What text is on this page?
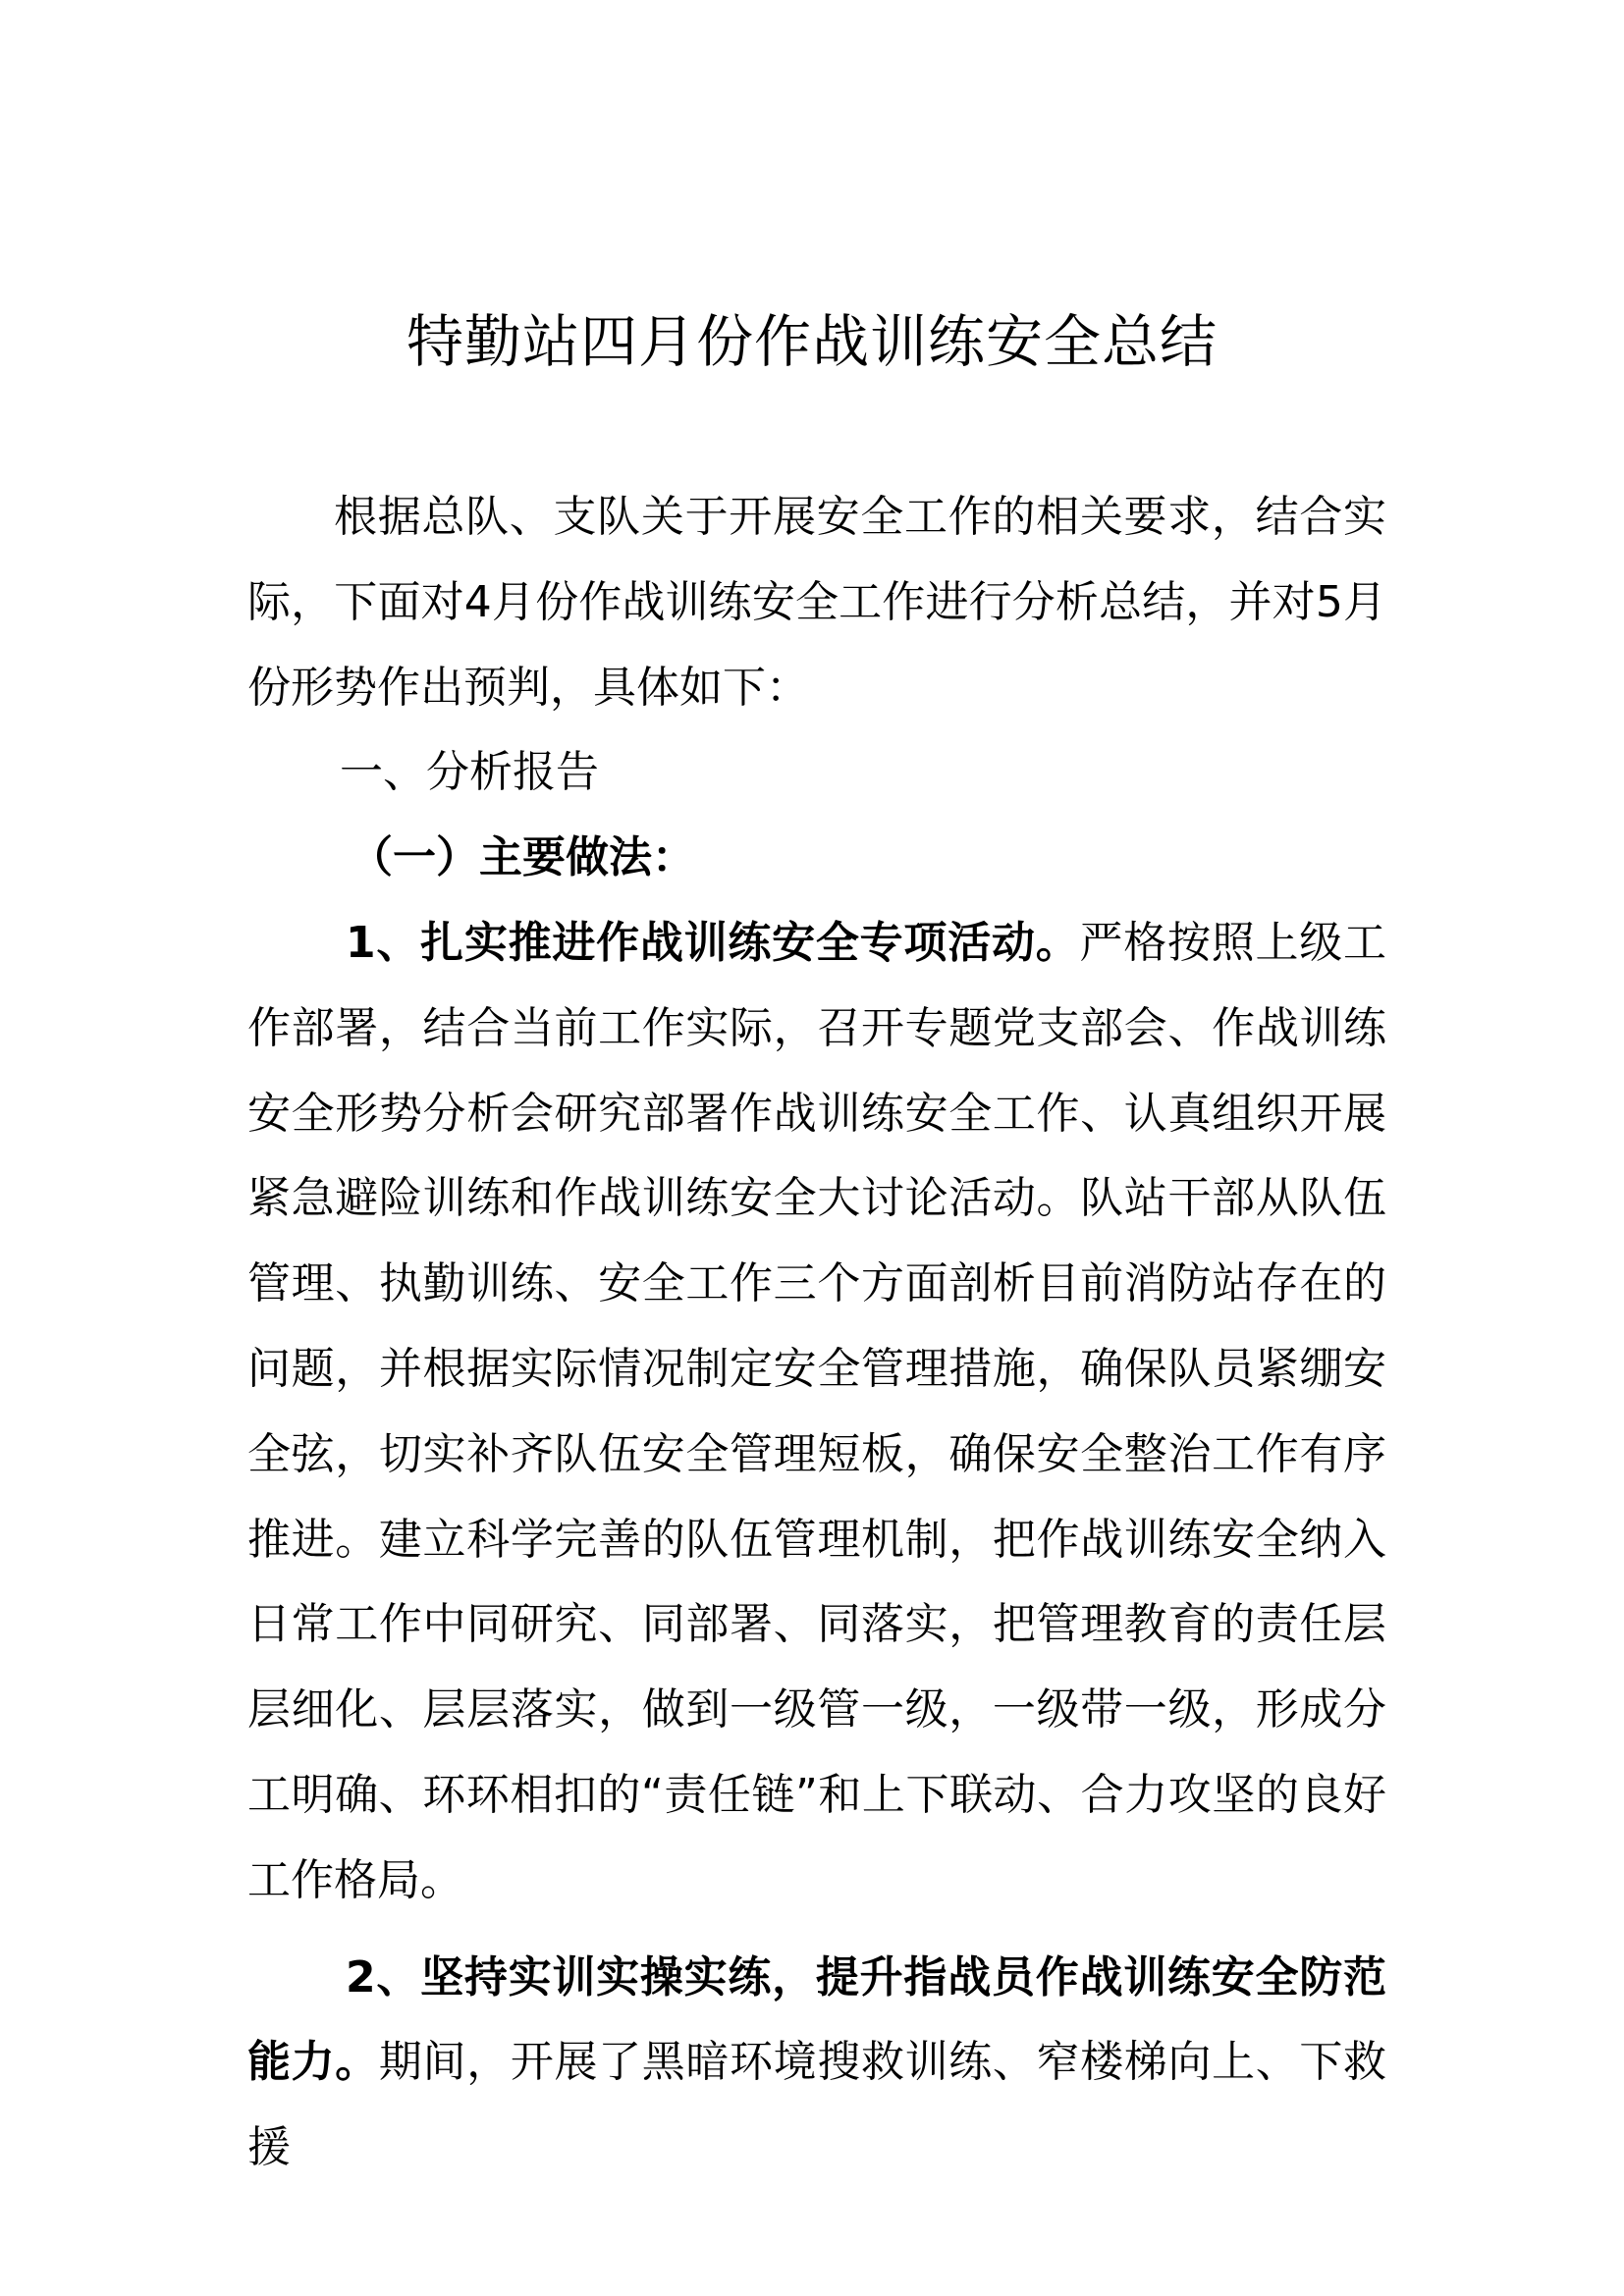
特勤站四月份作战训练安全总结

根据总队、支队关于开展安全工作的相关要求，结合实际，下面对4月份作战训练安全工作进行分析总结，并对5月份形势作出预判，具体如下：

一、分析报告

（一）主要做法：

1、扎实推进作战训练安全专项活动。严格按照上级工作部署，结合当前工作实际，召开专题党支部会、作战训练安全形势分析会研究部署作战训练安全工作、认真组织开展紧急避险训练和作战训练安全大讨论活动。队站干部从队伍管理、执勤训练、安全工作三个方面剖析目前消防站存在的问题，并根据实际情况制定安全管理措施，确保队员紧绷安全弦，切实补齐队伍安全管理短板，确保安全整治工作有序推进。建立科学完善的队伍管理机制，把作战训练安全纳入日常工作中同研究、同部署、同落实，把管理教育的责任层层细化、层层落实，做到一级管一级，一级带一级，形成分工明确、环环相扣的“责任链”和上下联动、合力攻坚的良好工作格局。

2、坚持实训实操实练，提升指战员作战训练安全防范能力。期间，开展了黑暗环境搜救训练、窄楼梯向上、下救援
